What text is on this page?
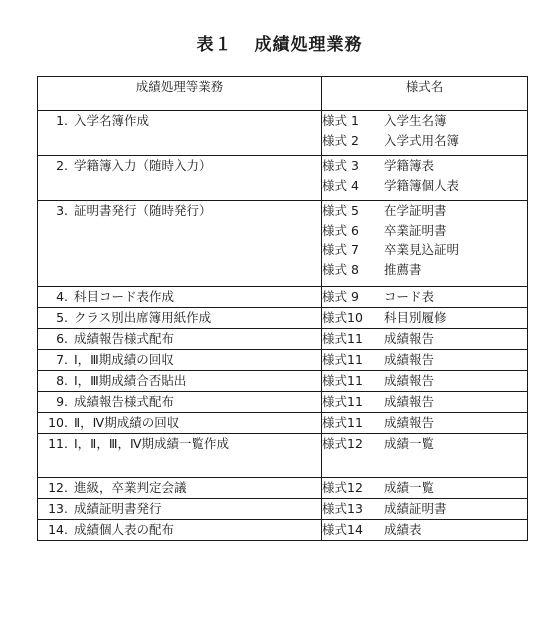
表１ 成績処理業務
成績処理等業務	様式名

1. 入学名簿作成	様式 1 入学生名簿
様式 2 入学式用名簿

2. 学籍簿入力（随時入力）	様式 3 学籍簿表
様式 4 学籍簿個人表

3. 証明書発行（随時発行）	様式 5 在学証明書
様式 6 卒業証明書
様式 7 卒業見込証明
様式 8 推薦書

4. 科目コード表作成	様式 9 コード表

5. クラス別出席簿用紙作成	様式10 科目別履修

6. 成績報告様式配布	様式11 成績報告

7. Ⅰ，Ⅲ期成績の回収	様式11 成績報告

8. Ⅰ，Ⅲ期成績合否貼出	様式11 成績報告

9. 成績報告様式配布	様式11 成績報告

10. Ⅱ，Ⅳ期成績の回収	様式11 成績報告

11. Ⅰ，Ⅱ，Ⅲ，Ⅳ期成績一覧作成	様式12 成績一覧

12. 進級，卒業判定会議	様式12 成績一覧

13. 成績証明書発行	様式13 成績証明書

14. 成績個人表の配布	様式14 成績表
